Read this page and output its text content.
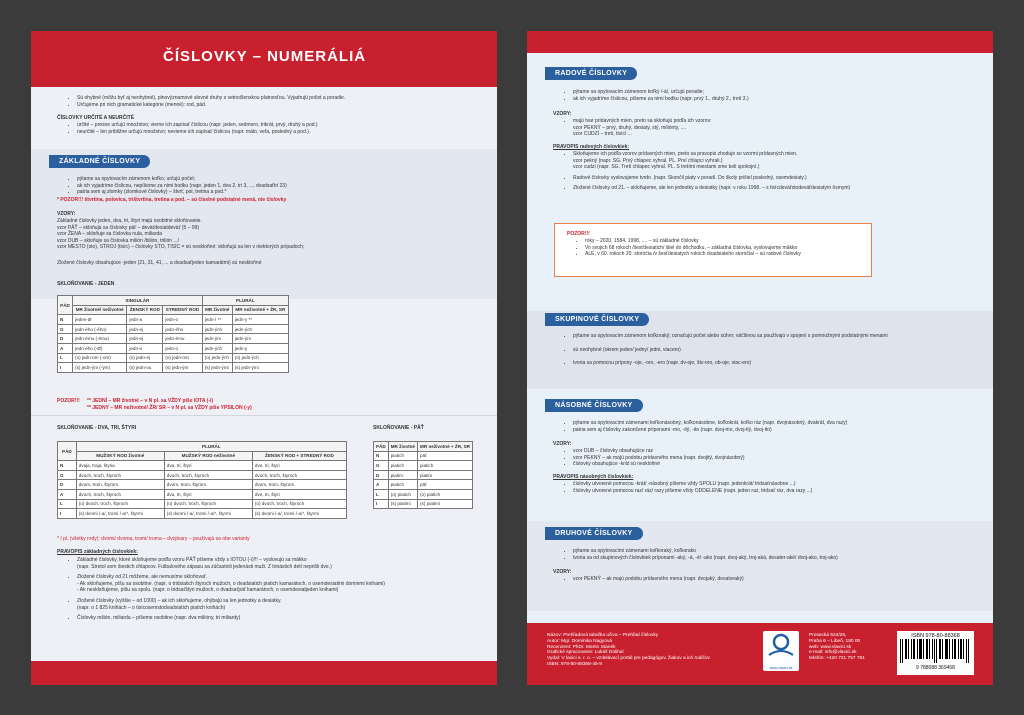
ČÍSLOVKY – NUMERÁLIÁ
• Sú ohybné (môžu byť aj neohybné), plnovýznamové slovné druhy s vetnočlenskou platnosťou. Vyjadrujú počet a poradie.
• Určujeme pri nich gramatické kategórie (menné): rod, pád.
ČÍSLOVKY URČITÉ A NEURČITÉ
• určité – presne určujú množstvo; vieme ich zapísať číslicou (napr. jeden, sedmoro, trikrát, prvý, druhý a pod.)
• neurčité – len približne určujú množstvo; nevieme ich zapísať číslicou (napr. málo, veľa, posledný a pod.)
ZÁKLADNÉ ČÍSLOVKY
• pýtame sa opytovacím zámenom koľko; určujú počet;
• ak ich vyjadríme číslicou, nepíšeme za nimi bodku (napr. jeden 1, dva 2, tri 3, ..., dvadsaťtri 23)
• patria sem aj zlomky (zlomkové číslovky) – štvrť, pol, tretina a pod.*
* POZOR!!! štvrtina, polovica, trištvrtina, tretina a pod. – sú číselné podstatné mená, nie číslovky
VZORY:
Základné číslovky jeden, dva, tri, štyri majú osobitné skloňovanie.
vzor PÄŤ – skloňujú sa číslovky päť – deväťdesiatdeväť (5 – 99)
vzor ŽENA – skloňuje sa číslovka nula, miliarda
vzor DUB – skloňuje sa číslovka milión /bilión, trilión .../
vzor MESTO (sto), STROJ (tisíc) – číslovky STO, TISÍC = sú neskloňné; skloňujú sa len v niektorých prípadoch;
Zložené číslovky obsahujúce -jeden (21, 31, 41, ... a dvadsaťjeden kamarátmi) sú neskloňné
SKLOŇOVANIE - JEDEN
PÁD	SINGULÁR			PLURÁL	
	MR životné/ neživotné	ŽENSKÝ ROD	STREDNÝ ROD	MR životné	MR neživotné + ŽR, SR
N	jeden-Ø	jedn-a	jedn-o	jedn-í **	jedn-y **
G	jedn-ého (-ěho)	jedn-ej	jedn-ého	jedn-ých	jedn-ých
D	jedn-ému (-ému)	jedn-ej	jedn-ému	jedn-ým	jedn-ým
A	jedn-ého (-Ø)	jedn-u	jedn-o	jedn-ých	jedn-y
L	(o) jedn-om (-om)	(o) jedn-ej	(o) jedn-om	(o) jedn-ých	(o) jedn-ých
I	(s) jedn-ým (-ým)	(s) jedn-ou	(s) jedn-ým	(s) jedn-ými	(s) jedn-ými
POZOR!!! ** JEDNÍ – MR životné – v N pl. sa VŽDY píše IOTA (-i)
** JEDNY – MR neživotné/ ŽR/ SR – v N pl. sa VŽDY píše YPSILON (-y)
SKLOŇOVANIE - DVA, TRI, ŠTYRI
PÁD	PLURÁL		
	MUŽSKÝ ROD životné	MUŽSKÝ ROD neživotné	ŽENSKÝ ROD + STREDNÝ ROD
N	dvaja, traja, štyria	dva, tri, štyri	dve, tri, štyri
G	dvoch, troch, štyroch	dvoch, troch, štyroch	dvoch, troch, štyroch
D	dvom, trom, štyrom	dvom, trom, štyrom	dvom, trom, štyrom
A	dvoch, troch, štyroch	dva, tri, štyri	dve, tri, štyri
L	(o) dvoch, troch, štyroch	(o) dvoch, troch, štyroch	(o) dvoch, troch, štyroch
I	(s) dvomi /-a/, tromi /-a/*, štyrmi	(s) dvomi /-a/, tromi /-a/*, štyrmi	(s) dvomi /-a/, tromi /-a/*, štyrmi
SKLOŇOVANIE - PÄŤ
PÁD	MR životné	MR neživotné + ŽR, SR
N	piatich	päť
G	piatich	piatich
D	piatim	piatim
A	piatich	päť
L	(o) piatich	(o) piatich
I	(s) piatimi	(s) piatimi
* I pl. (všetky rody): dvomi/ dvoma, tromi/ troma – dvojtvary – používajú sa obe varianty
PRAVOPIS základných číslovkiek:
• Základné číslovky, ktoré skloňujeme podľa vzoru PÄŤ píšeme vždy s IOTOU (-i)!!! – vyslovujú sa mäkko
(napr. Stretol som šiestich chlapcov. Futbalového zápasu sa zúčastnili jedenásti muži. Z trinástich detí neprišli dve.)
• Zložené číslovky od 21 môžeme, ale nemusíme skloňovať.
- Ak skloňujeme, píšu sa osobitne. (napr. o tridsiatich štyroch mužoch, o dvadsiatich piatich kamarátoch, o osemdesiatimi dominmi knihami)
- Ak neskloňujeme, píšu sa spolu. (napr. o tridsaťštyri mužoch, o dvadsaťpäť kamarátoch, o osemdesiatjeden knihami)
• Zložené číslovky (vyššie – od 1000) – ak ich skloňujeme, ohýbajú sa len jednotky a desiatky.
(napr. o 1 825 knihách – o tisícosemstodvadsiatich piatich knihách)
• Číslovky milión, miliarda – píšeme osobitne (napr. dva milióny, tri miliardy)
RADOVÉ ČÍSLOVKY
• pýtame sa opytovacím zámenom koľký /-á/, určujú poradie;
• ak ich vyjadríme číslicou, píšeme za nimi bodku (napr. prvý 1., druhý 2., tretí 3.)
VZORY:
• majú tvar prídavných mien, preto sa skloňujú podľa ich vzorov:
vzor PEKNÝ – prvý, druhý, desiaty, stý, miliónty, ....
vzor CUDZÍ – tretí, tisící ...
PRAVOPIS radových číslovkiek:
• Skloňujeme ich podľa vzorov prídavných mien, preto sa pravopis zhoduje so vzormi prídavných mien.
vzor pekný (napr. SG. Prvý chlapec vyhral. PL. Prví chlapci vyhrali.)
vzor cudzí (napr. SG. Tretí chlapec vyhral. PL. S tretími miestami sme boli spokojní.)
• Radové číslovky vyslovujeme tvrdo. (napr. Skončil piaty v poradí. Do školy prišiel posledný, osemdesiaty.)
• Zložené číslovky od 21. – skloňujeme, ale len jednotky a desiatky (napr. v roku 1998. – s tisícdeväťstodeväťdesiatym ôsmym)
POZOR!!!
• roky – 2020, 1584, 1998, .... – sú základné číslovky
• Vo svojich 68 rokoch /šesťdesiatich/ išiel do dôchodku. – základná číslovka, vyslovujeme mäkko
• ALE, v 60. rokoch 20. storočia /v šesťdesiatych rokoch dvadsiateho storočia/ – sú radové číslovky
SKUPINOVÉ ČÍSLOVKY
• pýtame sa opytovacím zámenom koľkoraký; označujú počet alebo súhrn; väčšinou sa používajú v spojení s pomnožnými podstatnými menami
• sú neohybné (okrem jeden/ jedny/ jedni, viacero)
• tvoria sa pomocou prípony -oje, -oro, -ero (napr. dv-oje, štv-oro, ob-oje, viac-ero)
NÁSOBNÉ ČÍSLOVKY
• pýtame sa opytovacími zámenami koľkonásobný, koľkonásobne, koľkokrát, koľko ráz (napr. dvojnásobný, dvakrát, dva razy)
• patria sem aj číslovky zakončené príponami -mo, -itý, -ito (napr. dvoj-mo, dvoj-itý, dvoj-ito)
VZORY:
• vzor DUB – číslovky obsahujúce raz
• vzor PEKNÝ – ak majú podobu prídavného mena (napr. dvojitý, dvojnásobný)
• číslovky obsahujúce -krát sú neskloňné
PRAVOPIS násobných číslovkiek:
• číslovky utvorené pomocou -krát/ -násobný píšeme vždy SPOLU (napr. jedenkrát/ tridsaťnásobne ...)
• číslovky utvorené pomocou raz/ ráz/ razy píšeme vždy ODDELENE (napr. jeden raz, tridsať ráz, dva razy ...)
DRUHOVÉ ČÍSLOVKY
• pýtame sa opytovacími zámenami koľkoraký, koľkorako
• tvoria sa od skupinových číslovkiek príponami -aký, -á, -é/ -ako (napr. dvoj-aký, troj-aká, desater-aké/ dvoj-ako, troj-ako)
VZORY:
• vzor PEKNÝ – ak majú podobu prídavného mena (napr. dvojaký, desatoraký)
Názov: Prehľadová tabuľka učiva – Prehľad číslovky
Autor: Mgr. Dominika Nagyová
Recenzent: PhDr. Martin Stanék
Grafické spracovanie: Lukáš Dolihal
Vydal: V lavici s. r. o. – vzdelávací portál pre pedagógov, žiakov a ich rodičov
ISBN: 978-80-88368-45-8
www.vlavici.sk
Prosecká 524/26,
Praha 6 – Libeň, 180 00
web: www.vlavici.sk
e-mail: info@vlavici.sk
telefón: +420 721 757 781
ISBN 978-80-88368
9 788088 369458
